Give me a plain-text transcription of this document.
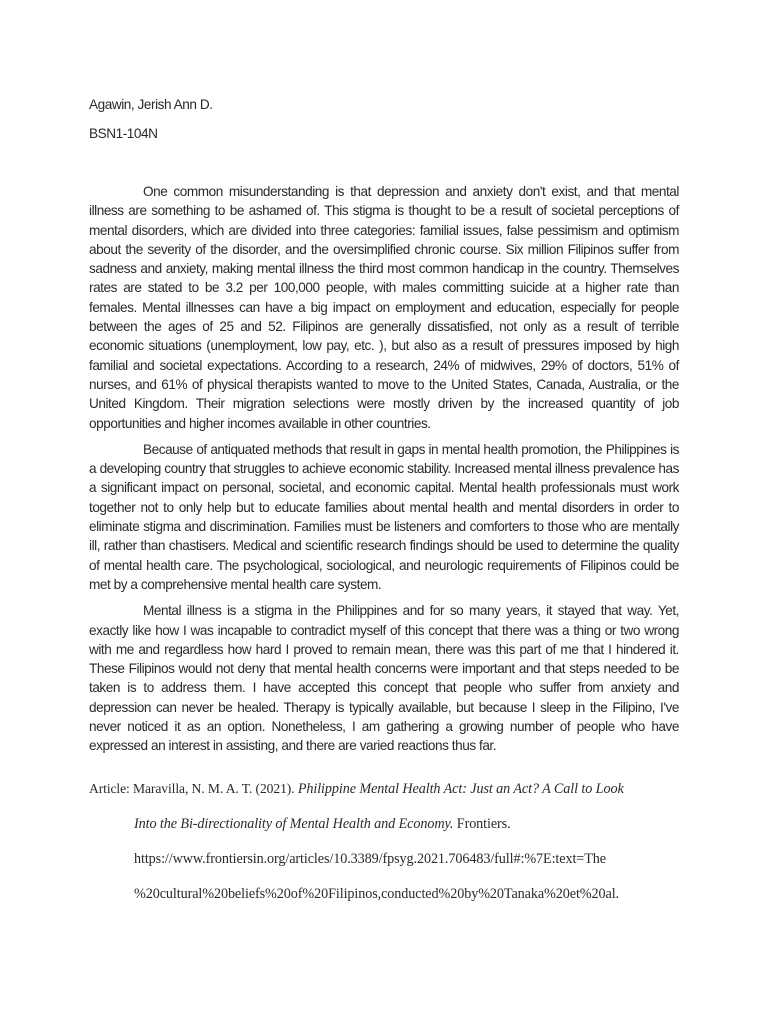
Agawin, Jerish Ann D.
BSN1-104N

One common misunderstanding is that depression and anxiety don't exist, and that mental illness are something to be ashamed of. This stigma is thought to be a result of societal perceptions of mental disorders, which are divided into three categories: familial issues, false pessimism and optimism about the severity of the disorder, and the oversimplified chronic course. Six million Filipinos suffer from sadness and anxiety, making mental illness the third most common handicap in the country. Themselves rates are stated to be 3.2 per 100,000 people, with males committing suicide at a higher rate than females. Mental illnesses can have a big impact on employment and education, especially for people between the ages of 25 and 52. Filipinos are generally dissatisfied, not only as a result of terrible economic situations (unemployment, low pay, etc. ), but also as a result of pressures imposed by high familial and societal expectations. According to a research, 24% of midwives, 29% of doctors, 51% of nurses, and 61% of physical therapists wanted to move to the United States, Canada, Australia, or the United Kingdom. Their migration selections were mostly driven by the increased quantity of job opportunities and higher incomes available in other countries.

Because of antiquated methods that result in gaps in mental health promotion, the Philippines is a developing country that struggles to achieve economic stability. Increased mental illness prevalence has a significant impact on personal, societal, and economic capital. Mental health professionals must work together not to only help but to educate families about mental health and mental disorders in order to eliminate stigma and discrimination. Families must be listeners and comforters to those who are mentally ill, rather than chastisers. Medical and scientific research findings should be used to determine the quality of mental health care. The psychological, sociological, and neurologic requirements of Filipinos could be met by a comprehensive mental health care system.

Mental illness is a stigma in the Philippines and for so many years, it stayed that way. Yet, exactly like how I was incapable to contradict myself of this concept that there was a thing or two wrong with me and regardless how hard I proved to remain mean, there was this part of me that I hindered it. These Filipinos would not deny that mental health concerns were important and that steps needed to be taken is to address them. I have accepted this concept that people who suffer from anxiety and depression can never be healed. Therapy is typically available, but because I sleep in the Filipino, I've never noticed it as an option. Nonetheless, I am gathering a growing number of people who have expressed an interest in assisting, and there are varied reactions thus far.

Article: Maravilla, N. M. A. T. (2021). Philippine Mental Health Act: Just an Act? A Call to Look

Into the Bi-directionality of Mental Health and Economy. Frontiers.

https://www.frontiersin.org/articles/10.3389/fpsyg.2021.706483/full#:%7E:text=The

%20cultural%20beliefs%20of%20Filipinos,conducted%20by%20Tanaka%20et%20al.
